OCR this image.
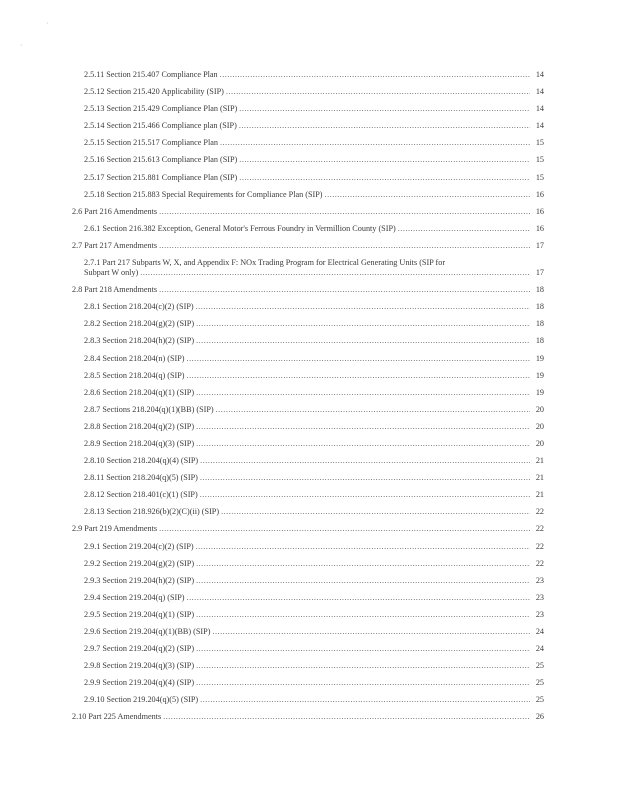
·
·
2.5.11 Section 215.407 Compliance Plan .....	14
2.5.12 Section 215.420 Applicability (SIP) .....	14
2.5.13 Section 215.429 Compliance Plan (SIP) .....	14
2.5.14 Section 215.466 Compliance plan (SIP) .....	14
2.5.15 Section 215.517 Compliance Plan .....	15
2.5.16 Section 215.613 Compliance Plan (SIP) .....	15
2.5.17 Section 215.881 Compliance Plan (SIP) .....	15
2.5.18 Section 215.883 Special Requirements for Compliance Plan (SIP) .....	16
2.6 Part 216 Amendments .....	16
2.6.1 Section 216.382 Exception, General Motor's Ferrous Foundry in Vermillion County (SIP) .....	16
2.7 Part 217 Amendments .....	17
2.7.1 Part 217 Subparts W, X, and Appendix F: NOx Trading Program for Electrical Generating Units (SIP for
Subpart W only) .....	17
2.8 Part 218 Amendments .....	18
2.8.1 Section 218.204(c)(2) (SIP) .....	18
2.8.2 Section 218.204(g)(2) (SIP) .....	18
2.8.3 Section 218.204(h)(2) (SIP) .....	18
2.8.4 Section 218.204(n) (SIP) .....	19
2.8.5 Section 218.204(q) (SIP) .....	19
2.8.6 Section 218.204(q)(1) (SIP) .....	19
2.8.7 Sections 218.204(q)(1)(BB) (SIP) .....	20
2.8.8 Section 218.204(q)(2) (SIP) .....	20
2.8.9 Section 218.204(q)(3) (SIP) .....	20
2.8.10 Section 218.204(q)(4) (SIP) .....	21
2.8.11 Section 218.204(q)(5) (SIP) .....	21
2.8.12 Section 218.401(c)(1) (SIP) .....	21
2.8.13 Section 218.926(b)(2)(C)(ii) (SIP) .....	22
2.9 Part 219 Amendments .....	22
2.9.1 Section 219.204(c)(2) (SIP) .....	22
2.9.2 Section 219.204(g)(2) (SIP) .....	22
2.9.3 Section 219.204(h)(2) (SIP) .....	23
2.9.4 Section 219.204(q) (SIP) .....	23
2.9.5 Section 219.204(q)(1) (SIP) .....	23
2.9.6 Section 219.204(q)(1)(BB) (SIP) .....	24
2.9.7 Section 219.204(q)(2) (SIP) .....	24
2.9.8 Section 219.204(q)(3) (SIP) .....	25
2.9.9 Section 219.204(q)(4) (SIP) .....	25
2.9.10 Section 219.204(q)(5) (SIP) .....	25
2.10 Part 225 Amendments .....	26
